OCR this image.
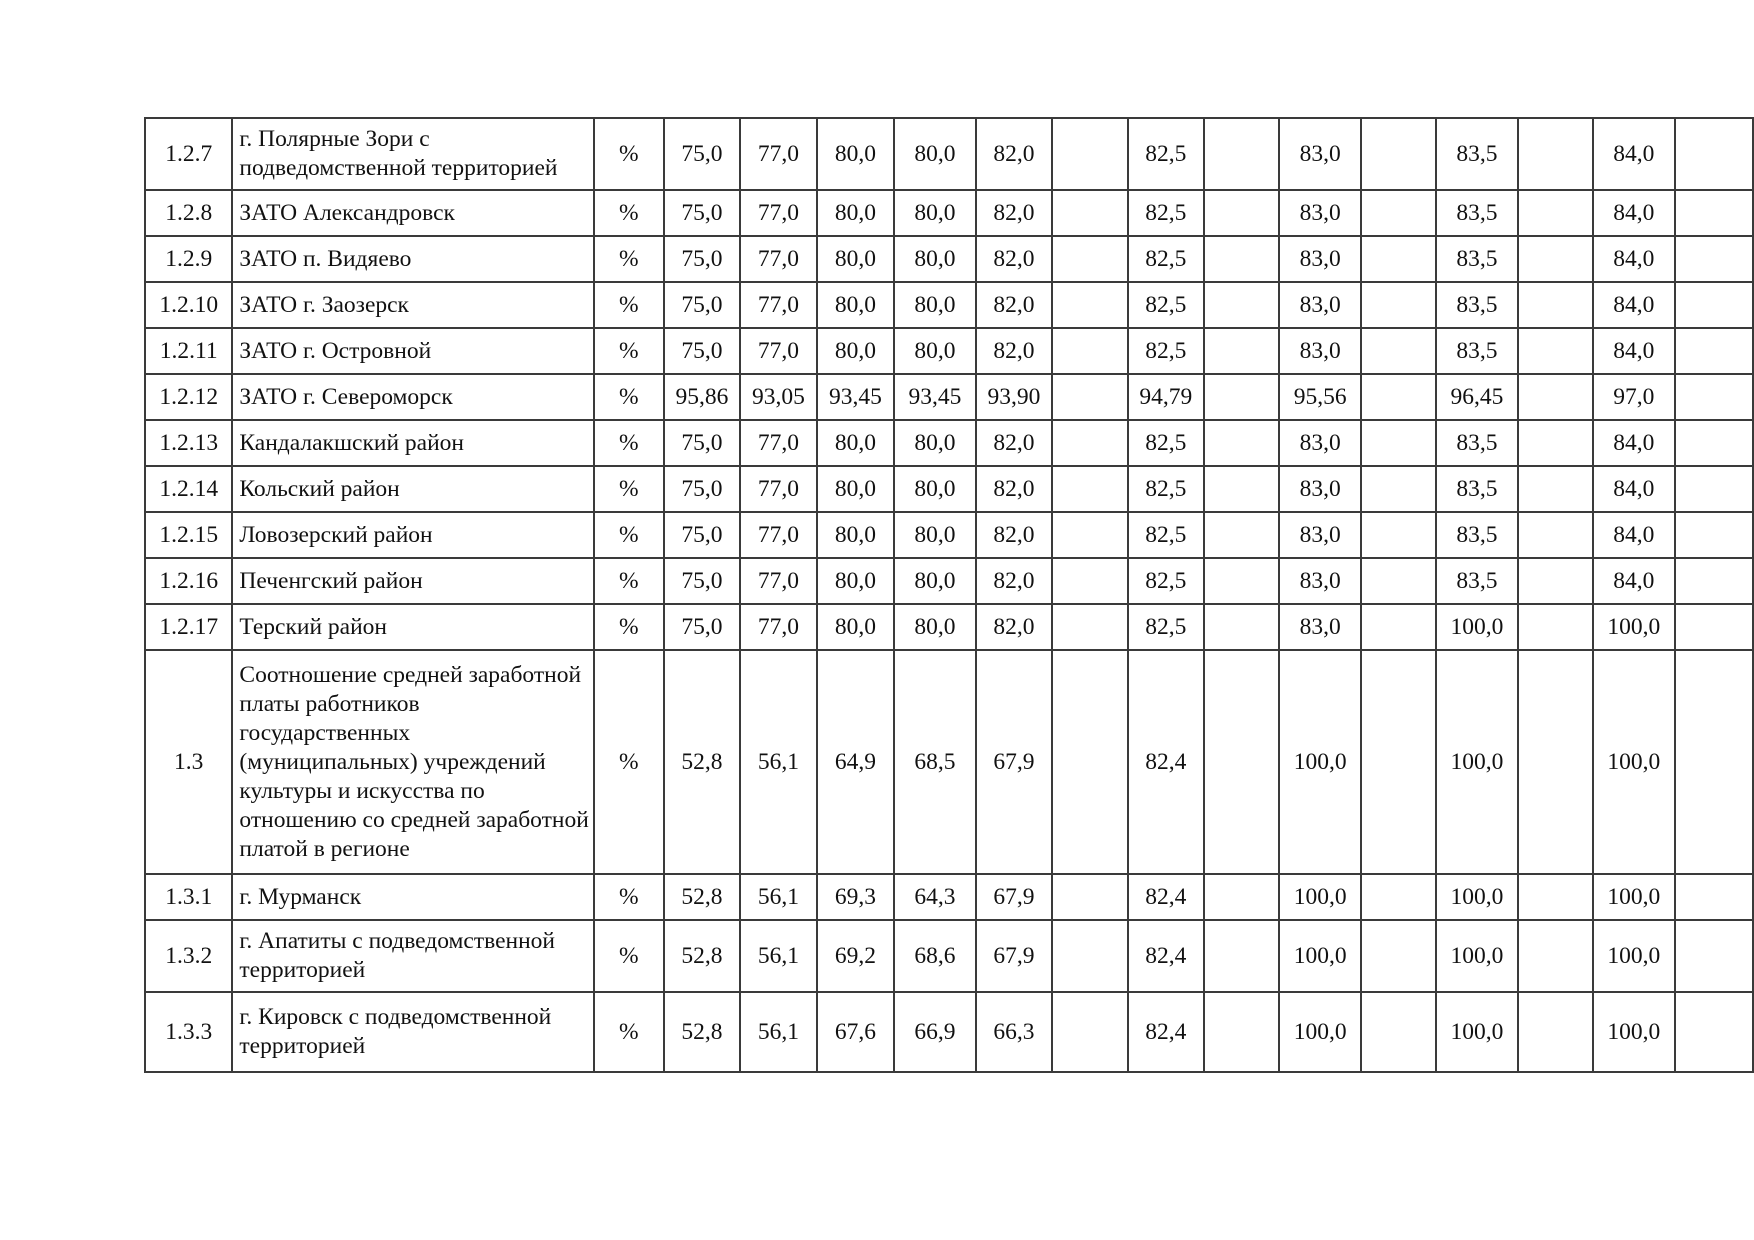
1.2.7	г. Полярные Зори с подведомственной территорией	%	75,0	77,0	80,0	80,0	82,0		82,5		83,0		83,5		84,0	
1.2.8	ЗАТО Александровск	%	75,0	77,0	80,0	80,0	82,0		82,5		83,0		83,5		84,0	
1.2.9	ЗАТО п. Видяево	%	75,0	77,0	80,0	80,0	82,0		82,5		83,0		83,5		84,0	
1.2.10	ЗАТО г. Заозерск	%	75,0	77,0	80,0	80,0	82,0		82,5		83,0		83,5		84,0	
1.2.11	ЗАТО г. Островной	%	75,0	77,0	80,0	80,0	82,0		82,5		83,0		83,5		84,0	
1.2.12	ЗАТО г. Североморск	%	95,86	93,05	93,45	93,45	93,90		94,79		95,56		96,45		97,0	
1.2.13	Кандалакшский район	%	75,0	77,0	80,0	80,0	82,0		82,5		83,0		83,5		84,0	
1.2.14	Кольский район	%	75,0	77,0	80,0	80,0	82,0		82,5		83,0		83,5		84,0	
1.2.15	Ловозерский район	%	75,0	77,0	80,0	80,0	82,0		82,5		83,0		83,5		84,0	
1.2.16	Печенгский район	%	75,0	77,0	80,0	80,0	82,0		82,5		83,0		83,5		84,0	
1.2.17	Терский район	%	75,0	77,0	80,0	80,0	82,0		82,5		83,0		100,0		100,0	
1.3	Соотношение средней заработной платы работников государственных (муниципальных) учреждений культуры и искусства по отношению со средней заработной платой в регионе	%	52,8	56,1	64,9	68,5	67,9		82,4		100,0		100,0		100,0	
1.3.1	г. Мурманск	%	52,8	56,1	69,3	64,3	67,9		82,4		100,0		100,0		100,0	
1.3.2	г. Апатиты с подведомственной территорией	%	52,8	56,1	69,2	68,6	67,9		82,4		100,0		100,0		100,0	
1.3.3	г. Кировск с подведомственной территорией	%	52,8	56,1	67,6	66,9	66,3		82,4		100,0		100,0		100,0	
